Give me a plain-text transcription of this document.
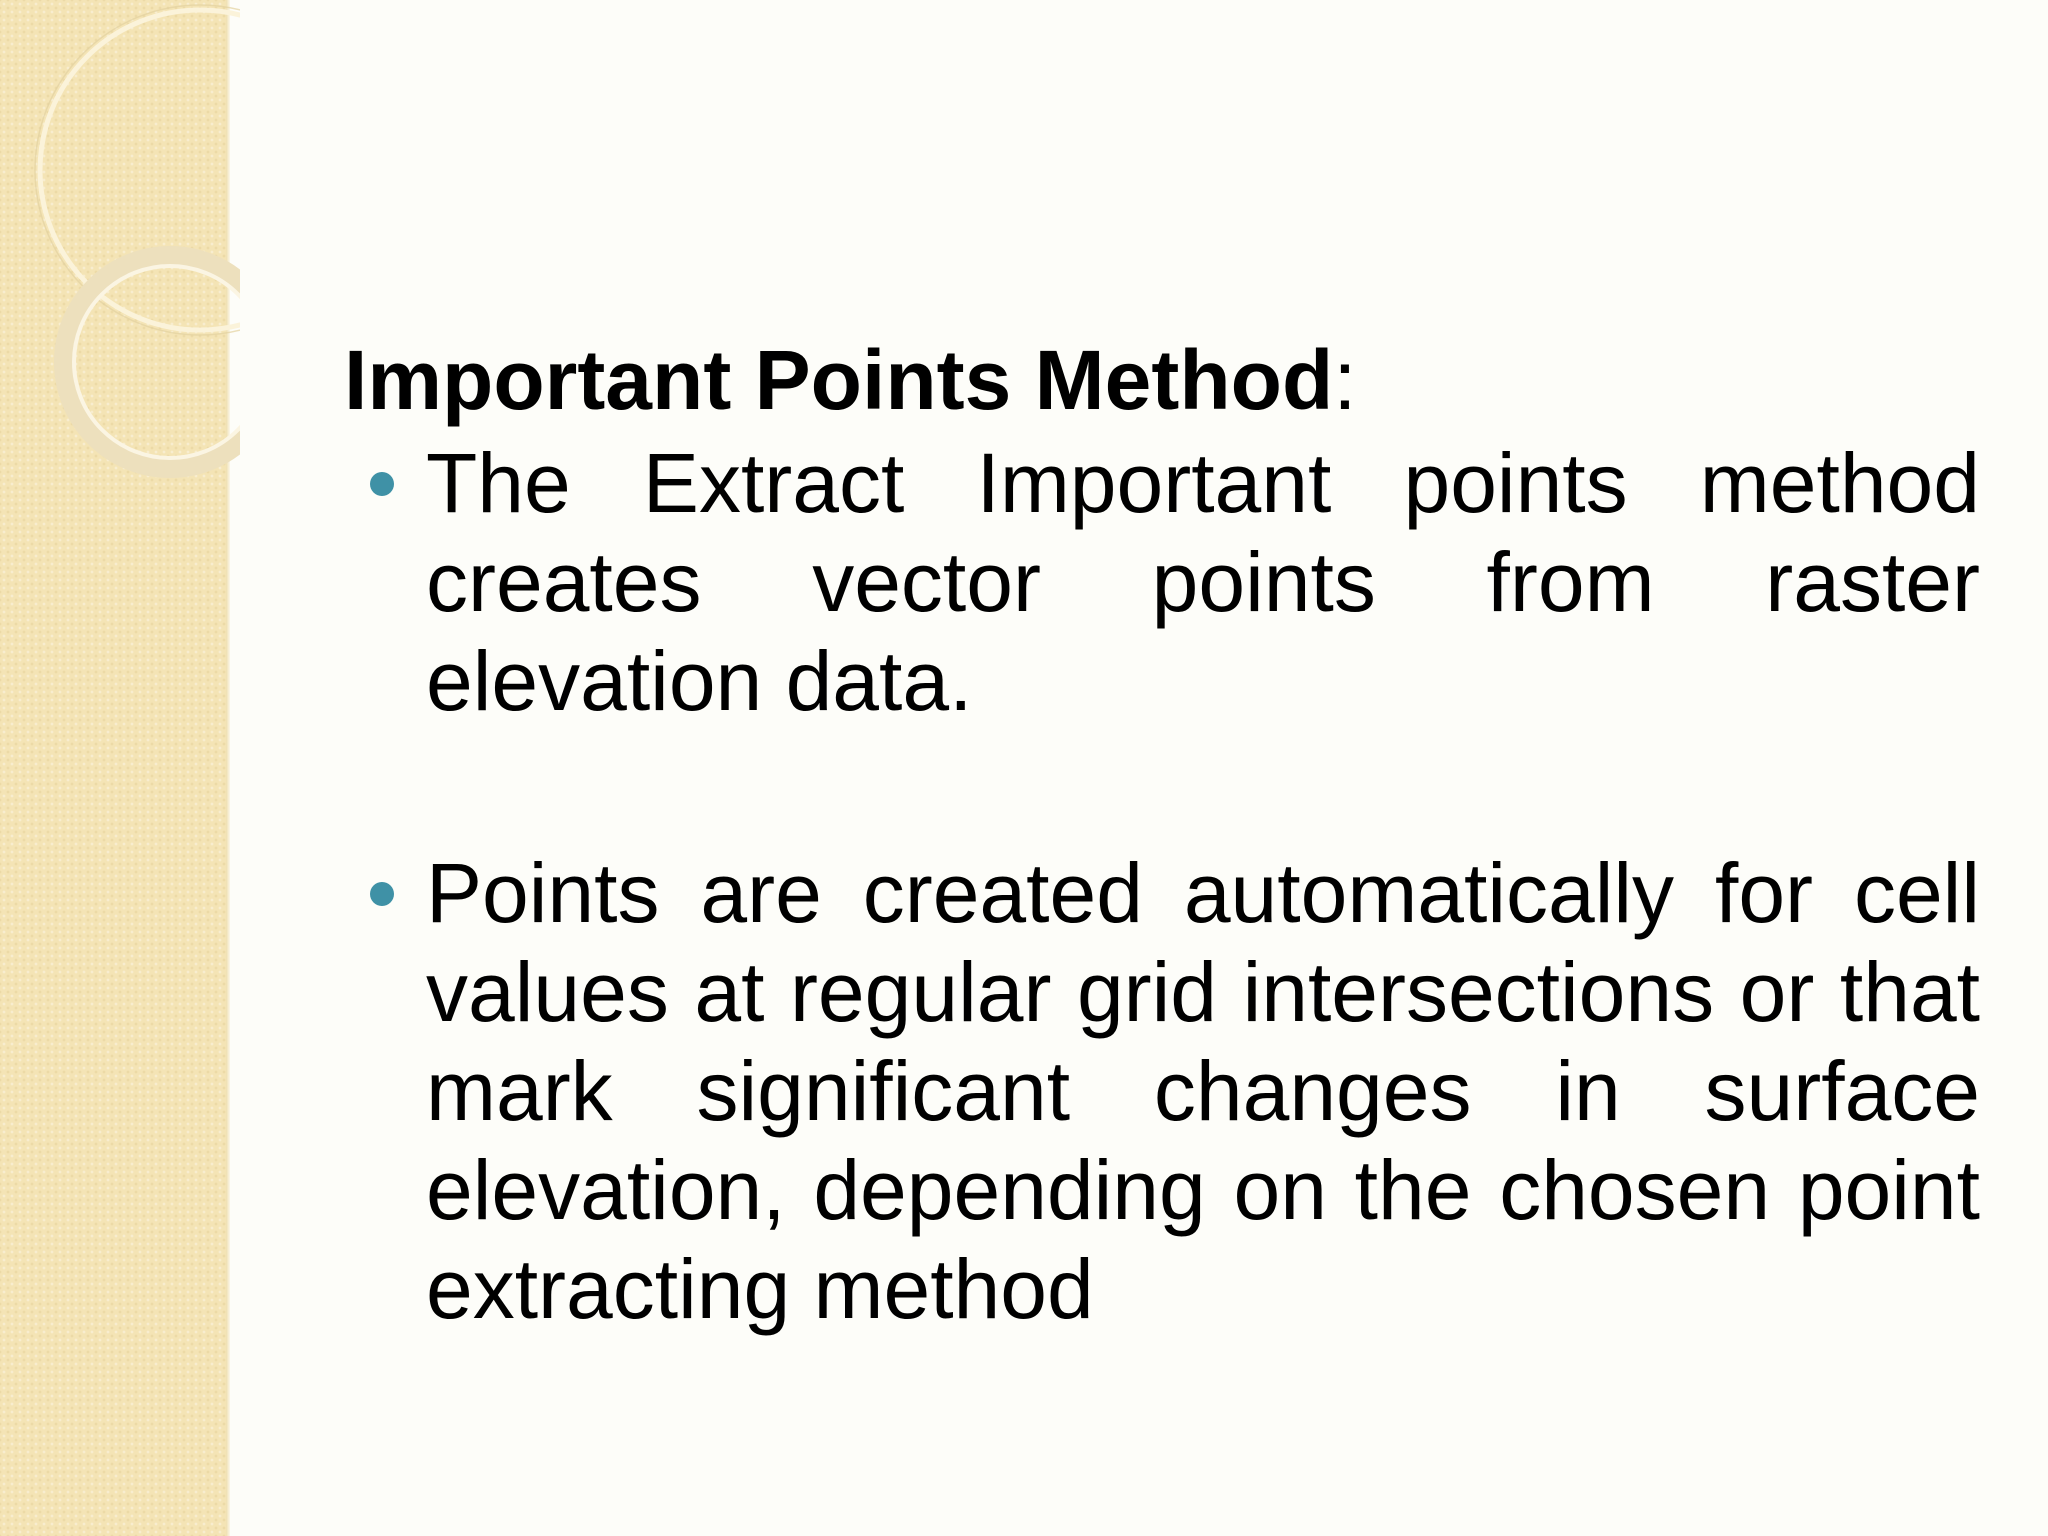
Important Points Method:

The Extract Important points method creates vector points from raster elevation data.

Points are created automatically for cell values at regular grid intersections or that mark significant changes in surface elevation, depending on the chosen point extracting method
